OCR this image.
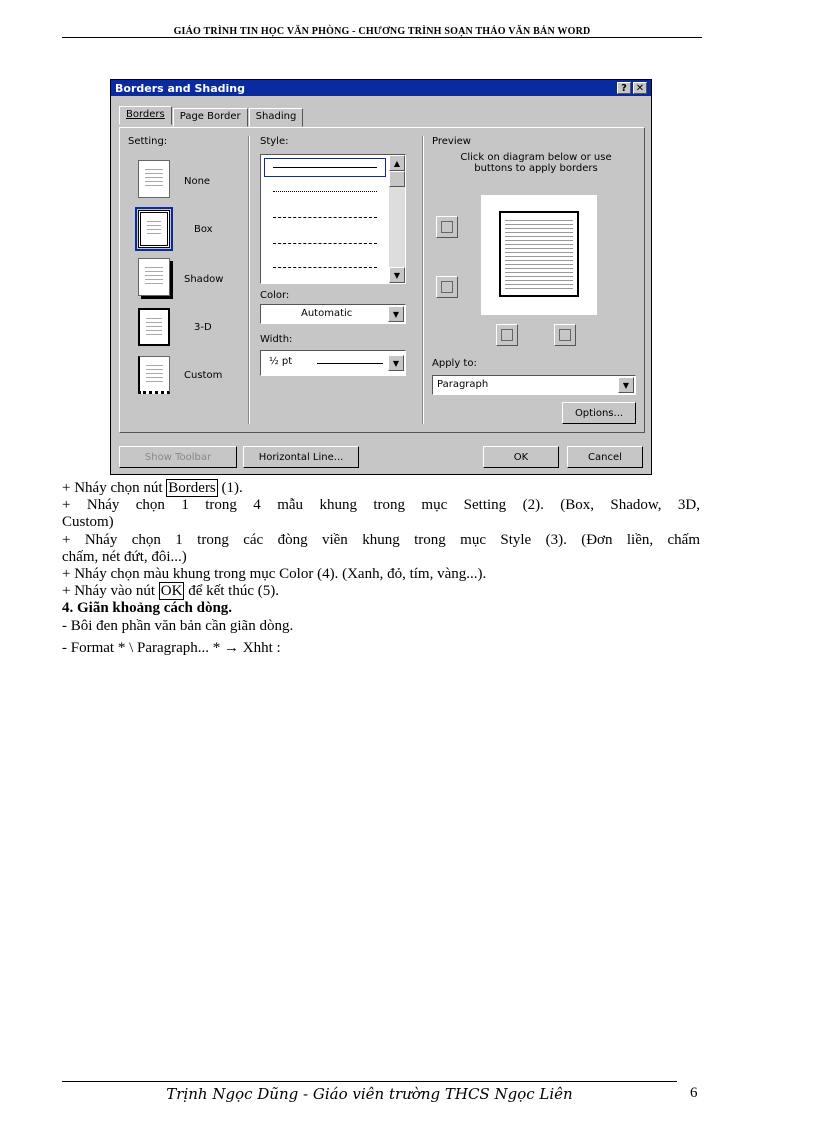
GIÁO TRÌNH TIN HỌC VĂN PHÒNG - CHƯƠNG TRÌNH SOẠN THẢO VĂN BẢN WORD
Borders and Shading	? ✕
Borders	Page Border	Shading
Setting:
None
Box
Shadow
3-D
Custom
Style:
▲
▼
Color:
Automatic	▼
Width:
½ pt	▼
Preview
Click on diagram below or use buttons to apply borders
Apply to:
Paragraph	▼
Options...
Show Toolbar	Horizontal Line...	OK	Cancel
+ Nháy chọn nút Borders (1).
+ Nháy chọn 1 trong 4 mẫu khung trong mục Setting (2). (Box, Shadow, 3D,
Custom)
+ Nháy chọn 1 trong các đòng viền khung trong mục Style (3). (Đơn liền, chấm
chấm, nét đứt, đôi...)
+ Nháy chọn màu khung trong mục Color (4). (Xanh, đỏ, tím, vàng...).
+ Nháy vào nút OK để kết thúc (5).
4. Giãn khoảng cách dòng.
- Bôi đen phần văn bản cần giãn dòng.
- Format * \ Paragraph... * → Xhht :
Trịnh Ngọc Dũng - Giáo viên trường THCS Ngọc Liên	6
